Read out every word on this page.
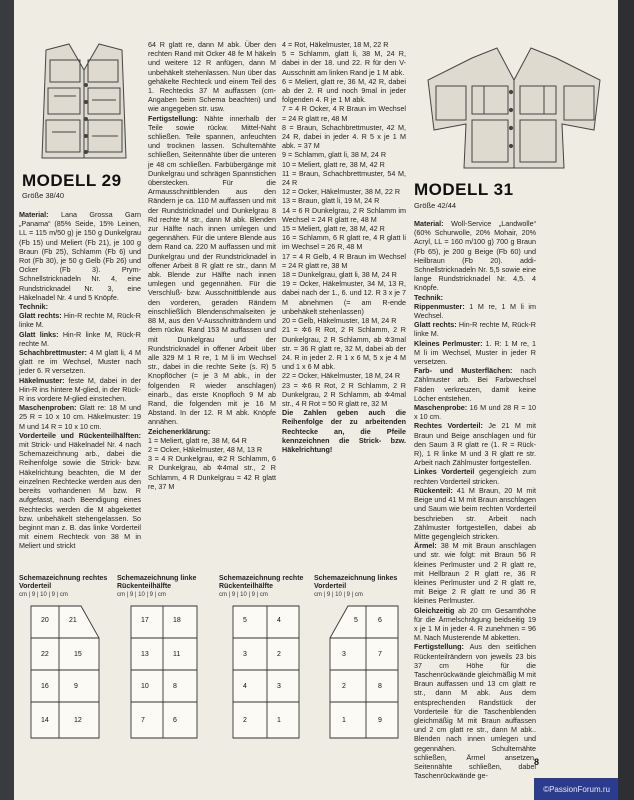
MODELL 29
Größe 38/40

Material: Lana Grossa Garn „Panama“ (85% Seide, 15% Leinen, LL = 115 m/50 g) je 150 g Dunkelgrau (Fb 15) und Meliert (Fb 21), je 100 g Braun (Fb 25), Schlamm (Fb 6) und Rot (Fb 30), je 50 g Gelb (Fb 26) und Ocker (Fb 3). Prym-Schnellstricknadeln Nr. 4, eine Rundstricknadel Nr. 3, eine Häkelnadel Nr. 4 und 5 Knöpfe.

Technik:

Glatt rechts: Hin-R rechte M, Rück-R linke M.

Glatt links: Hin-R linke M, Rück-R rechte M.

Schachbrettmuster: 4 M glatt li, 4 M glatt re im Wechsel, Muster nach jeder 6. R versetzen.

Häkelmuster: feste M, dabei in der Hin-R ins hintere M-glied, in der Rück-R ins vordere M-glied einstechen.

Maschenproben: Glatt re: 18 M und 25 R = 10 x 10 cm. Häkelmuster: 19 M und 14 R = 10 x 10 cm.

Vorderteile und Rückenteilhälften: mit Strick- und Häkelnadel Nr. 4 nach Schemazeichnung arb., dabei die Reihenfolge sowie die Strick- bzw. Häkelrichtung beachten, die M der einzelnen Rechtecke werden aus den bereits vorhandenen M bzw. R aufgefasst, nach Beendigung eines Rechtecks werden die M abgekettet bzw. unbehäkelt stehengelassen. So beginnt man z. B. das linke Vorderteil mit einem Rechteck von 38 M in Meliert und strickt

64 R glatt re, dann M abk. Über den rechten Rand mit Ocker 48 fe M häkeln und weitere 12 R anfügen, dann M unbehäkelt stehenlassen. Nun über das gehäkelte Rechteck und einem Teil des 1. Rechtecks 37 M auffassen (cm-Angaben beim Schema beachten) und wie angegeben str. usw.

Fertigstellung: Nähte innerhalb der Teile sowie rückw. Mittel-Naht schließen. Teile spannen, anfeuchten und trocknen lassen. Schulternähte schließen, Seitennähte über die unteren je 48 cm schließen. Farbübergänge mit Dunkelgrau und schrägen Spannstichen überstecken. Für die Armausschnittblenden aus den Rändern je ca. 110 M auffassen und mit der Rundstricknadel und Dunkelgrau 8 Rd rechte M str., dann M abk. Blenden zur Hälfte nach innen umlegen und gegennähen. Für die untere Blende aus dem Rand ca. 220 M auffassen und mit Dunkelgrau und der Rundstricknadel in offener Arbeit 8 R glatt re str., dann M abk. Blende zur Hälfte nach innen umlegen und gegennähen. Für die Verschluß- bzw. Ausschnittblende aus den vorderen, geraden Rändern einschließlich Blendenschmalseiten je 88 M, aus den V-Ausschnitträndern und dem rückw. Rand 153 M auffassen und mit Dunkelgrau und der Rundstricknadel in offener Arbeit über alle 329 M 1 R re, 1 M li im Wechsel str., dabei in die rechte Seite (s. R) 5 Knopflöcher (= je 3 M abk., in der folgenden R wieder anschlagen) einarb., das erste Knopfloch 9 M ab Rand, die folgenden mit je 16 M Abstand. In der 12. R M abk. Knöpfe annähen.

Zeichenerklärung:

1 = Meliert, glatt re, 38 M, 64 R

2 = Ocker, Häkelmuster, 48 M, 13 R

3 = 4 R Dunkelgrau, ✲2 R Schlamm, 6 R Dunkelgrau, ab ✲4mal str., 2 R Schlamm, 4 R Dunkelgrau = 42 R glatt re, 37 M

4 = Rot, Häkelmuster, 18 M, 22 R

5 = Schlamm, glatt li, 38 M, 24 R, dabei in der 18. und 22. R für den V-Ausschnitt am linken Rand je 1 M abk.

6 = Meliert, glatt re, 36 M, 42 R, dabei ab der 2. R und noch 9mal in jeder folgenden 4. R je 1 M abk.

7 = 4 R Ocker, 4 R Braun im Wechsel = 24 R glatt re, 48 M

8 = Braun, Schachbrettmuster, 42 M, 24 R, dabei in jeder 4. R 5 x je 1 M abk. = 37 M

9 = Schlamm, glatt li, 38 M, 24 R

10 = Meliert, glatt re, 38 M, 42 R

11 = Braun, Schachbrettmuster, 54 M, 24 R

12 = Ocker, Häkelmuster, 38 M, 22 R

13 = Braun, glatt li, 19 M, 24 R

14 = 6 R Dunkelgrau, 2 R Schlamm im Wechsel = 24 R glatt re, 48 M

15 = Meliert, glatt re, 38 M, 42 R

16 = Schlamm, 6 R glatt re, 4 R glatt li im Wechsel = 26 R, 48 M

17 = 4 R Gelb, 4 R Braun im Wechsel = 24 R glatt re, 38 M

18 = Dunkelgrau, glatt li, 38 M, 24 R

19 = Ocker, Häkelmuster, 34 M, 13 R, dabei nach der 1., 6. und 12. R 3 x je 7 M abnehmen (= am R-ende unbehäkelt stehenlassen)

20 = Gelb, Häkelmuster, 18 M, 24 R

21 = ✲6 R Rot, 2 R Schlamm, 2 R Dunkelgrau, 2 R Schlamm, ab ✲3mal str. = 36 R glatt re, 32 M, dabei ab der 24. R in jeder 2. R 1 x 6 M, 5 x je 4 M und 1 x 6 M abk.

22 = Ocker, Häkelmuster, 18 M, 24 R

23 = ✲6 R Rot, 2 R Schlamm, 2 R Dunkelgrau, 2 R Schlamm, ab ✲4mal str., 4 R Rot = 50 R glatt re, 32 M

Die Zahlen geben auch die Reihenfolge der zu arbeitenden Rechtecke an, die Pfeile kennzeichnen die Strick- bzw. Häkelrichtung!

MODELL 31
Größe 42/44

Material: Woll-Service „Landwolle“ (60% Schurwolle, 20% Mohair, 20% Acryl, LL = 160 m/100 g) 700 g Braun (Fb 65), je 200 g Beige (Fb 60) und Heilbraun (Fb 20). addi-Schnellstricknadeln Nr. 5,5 sowie eine lange Rundstricknadel Nr. 4,5. 4 Knöpfe.

Technik:

Rippenmuster: 1 M re, 1 M li im Wechsel.

Glatt rechts: Hin-R rechte M, Rück-R linke M.

Kleines Perlmuster: 1. R: 1 M re, 1 M li im Wechsel, Muster in jeder R versetzen.

Farb- und Musterflächen: nach Zählmuster arb. Bei Farbwechsel Fäden verkreuzen, damit keine Löcher entstehen.

Maschenprobe: 16 M und 28 R = 10 x 10 cm.

Rechtes Vorderteil: Je 21 M mit Braun und Beige anschlagen und für den Saum 3 R glatt re (1. R = Rück-R), 1 R linke M und 3 R glatt re str. Arbeit nach Zählmuster fortgestellen.

Linkes Vorderteil gegengleich zum rechten Vorderteil stricken.

Rückenteil: 41 M Braun, 20 M mit Beige und 41 M mit Braun anschlagen und Saum wie beim rechten Vorderteil beschrieben str. Arbeit nach Zählmuster fortgestellen, dabei ab Mitte gegengleich stricken.

Ärmel: 38 M mit Braun anschlagen und str. wie folgt: mit Braun 56 R kleines Perlmuster und 2 R glatt re, mit Hellbraun 2 R glatt re, 36 R kleines Perlmuster und 2 R glatt re, mit Beige 2 R glatt re und 36 R kleines Perlmuster.

Gleichzeitig ab 20 cm Gesamthöhe für die Ärmelschrägung beidseitig 19 x je 1 M in jeder 4. R zunehmen = 96 M. Nach Musterende M abketten.

Fertigstellung: Aus den seitlichen Rückenteilrändern von jeweils 23 bis 37 cm Höhe für die Taschenrückwände gleichmäßig M mit Braun auffassen und 13 cm glatt re str., dann M abk. Aus dem entsprechenden Randstück der Vorderteile für die Taschenblenden gleichmäßig M mit Braun auffassen und 2 cm glatt re str., dann M abk.. Blenden nach innen umlegen und gegennähen. Schulternähte schließen, Ärmel ansetzen. Seitennähte schließen, dabei Taschenrückwände ge-

Schemazeichnung rechtes Vorderteil
cm | 9 | 10 | 9 | cm
20	21
22	15
16	9
14	12
Schemazeichnung linke Rückenteilhälfte
cm | 9 | 10 | 9 | cm
17	18
13	11
10	8
7	6
Schemazeichnung rechte Rückenteilhälfte
cm | 9 | 10 | 9 | cm
5	4
3	2
4	3
2	1
Schemazeichnung linkes Vorderteil
cm | 9 | 10 | 9 | cm
5	6
3	7
2	8
1	9
8
©PassionForum.ru
